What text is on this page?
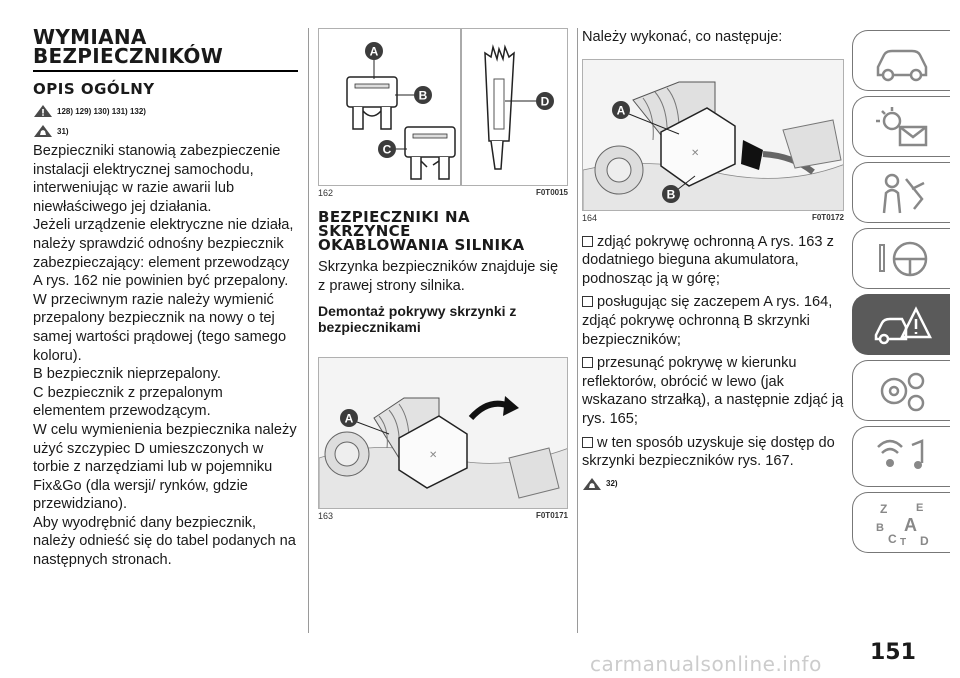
WYMIANA
BEZPIECZNIKÓW
OPIS OGÓLNY
128) 129) 130) 131) 132)
31)

Bezpieczniki stanowią zabezpieczenie instalacji elektrycznej samochodu, interweniując w razie awarii lub niewłaściwego jej działania.

Jeżeli urządzenie elektryczne nie działa, należy sprawdzić odnośny bezpiecznik zabezpieczający: element przewodzący A rys. 162 nie powinien być przepalony. W przeciwnym razie należy wymienić przepalony bezpiecznik na nowy o tej samej wartości prądowej (tego samego koloru).

B bezpiecznik nieprzepalony.

C bezpiecznik z przepalonym elementem przewodzącym.

W celu wymienienia bezpiecznika należy użyć szczypiec D umieszczonych w torbie z narzędziami lub w pojemniku Fix&Go (dla wersji/ rynków, gdzie przewidziano).

Aby wyodrębnić dany bezpiecznik, należy odnieść się do tabel podanych na następnych stronach.

A
B
C
D
162	F0T0015
BEZPIECZNIKI NA
SKRZYNCE
OKABLOWANIA SILNIKA

Skrzynka bezpieczników znajduje się z prawej strony silnika.

Demontaż pokrywy skrzynki z bezpiecznikami
✕
A
163	F0T0171

Należy wykonać, co następuje:

✕
A
B
164	F0T0172
zdjąć pokrywę ochronną A rys. 163 z dodatniego bieguna akumulatora, podnosząc ją w górę;
posługując się zaczepem A rys. 164, zdjąć pokrywę ochronną B skrzynki bezpieczników;
przesunąć pokrywę w kierunku reflektorów, obrócić w lewo (jak wskazano strzałką), a następnie zdjąć ją rys. 165;
w ten sposób uzyskuje się dostęp do skrzynki bezpieczników rys. 167.
32)
Z	E
B A
C T D
151
carmanualsonline.info
